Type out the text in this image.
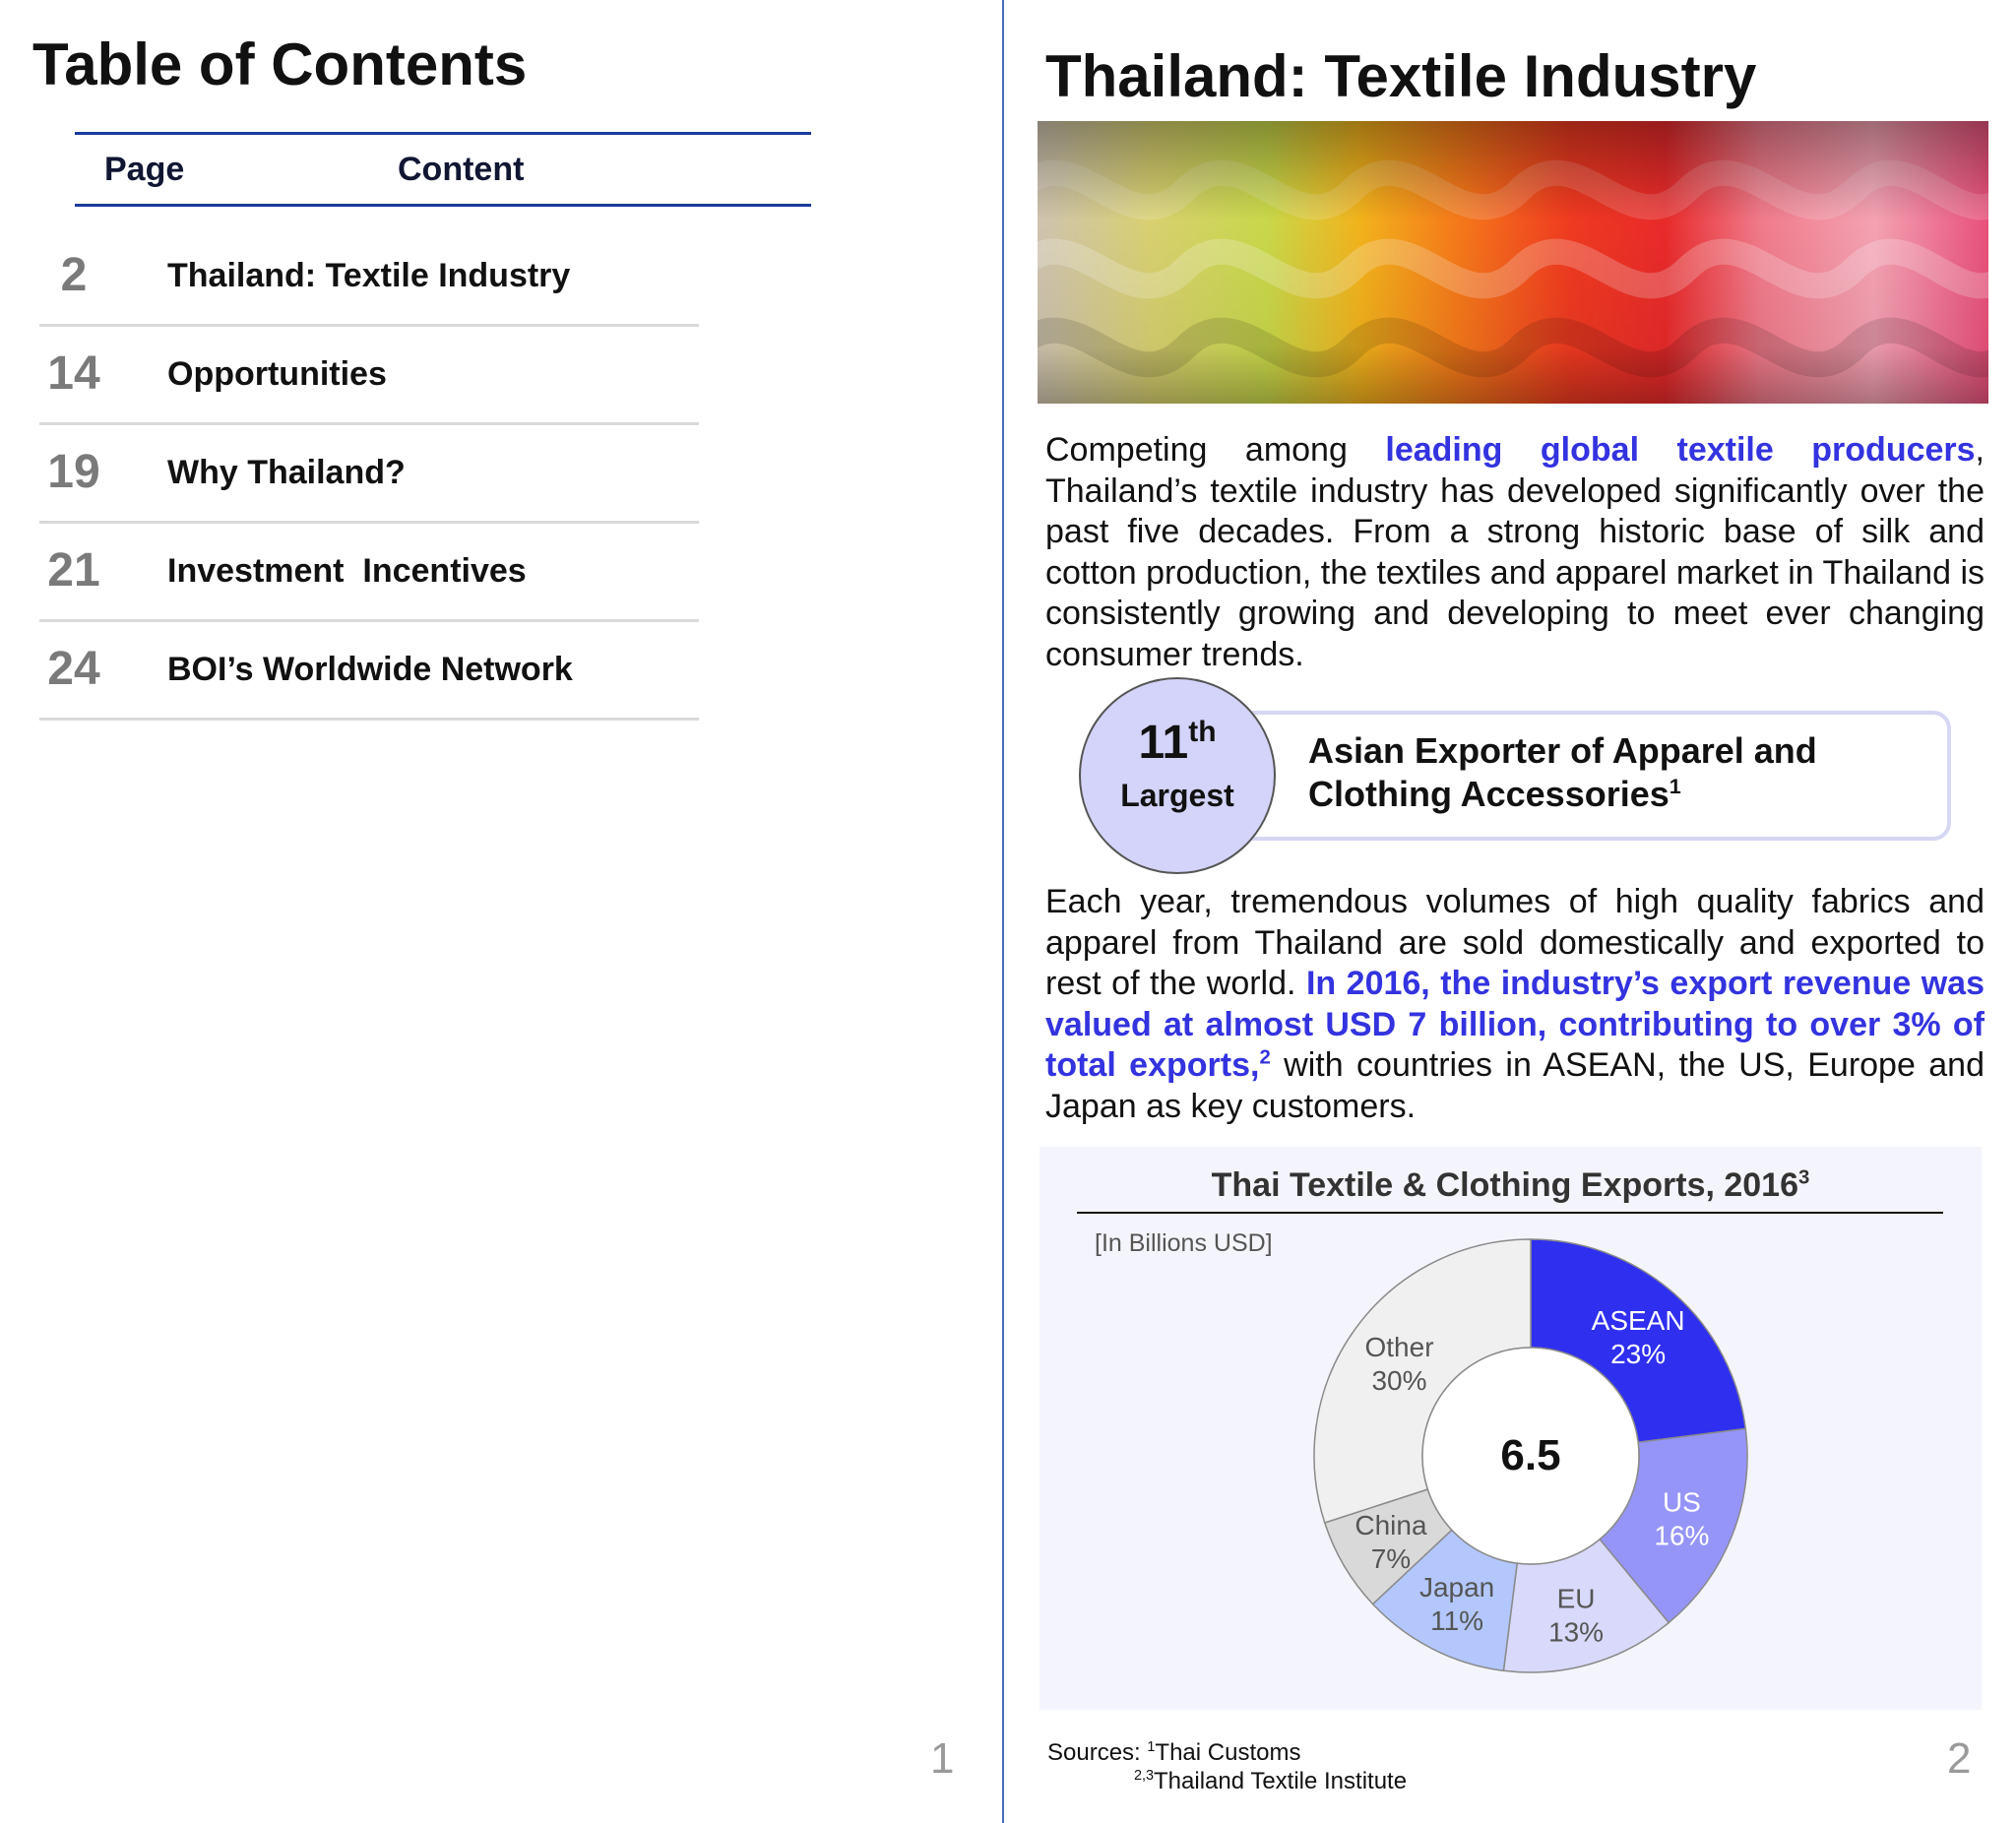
Table of Contents
Page	Content
2	Thailand: Textile Industry
14 Opportunities
19 Why Thailand?
21 Investment  Incentives
24 BOI’s Worldwide Network
1
Thailand: Textile Industry

Competing among leading global textile producers, Thailand’s textile industry has developed significantly over the past five decades. From a strong historic base of silk and cotton production, the textiles and apparel market in Thailand is consistently growing and developing to meet ever changing consumer trends.

Asian Exporter of Apparel and
Clothing Accessories$^1$
11th
Largest

Each year, tremendous volumes of high quality fabrics and apparel from Thailand are sold domestically and exported to rest of the world. In 2016, the industry’s export revenue was valued at almost USD 7 billion, contributing to over 3% of total exports,$^2$ with countries in ASEAN, the US, Europe and Japan as key customers.

Thai Textile & Clothing Exports, 2016$^3$
[In Billions USD]
ASEAN 23%
US 16%
EU 13%
Japan 11%
China 7%
Other 30%
6.5
Sources: $^1$Thai Customs
$^{2,3}$Thailand Textile Institute	2
